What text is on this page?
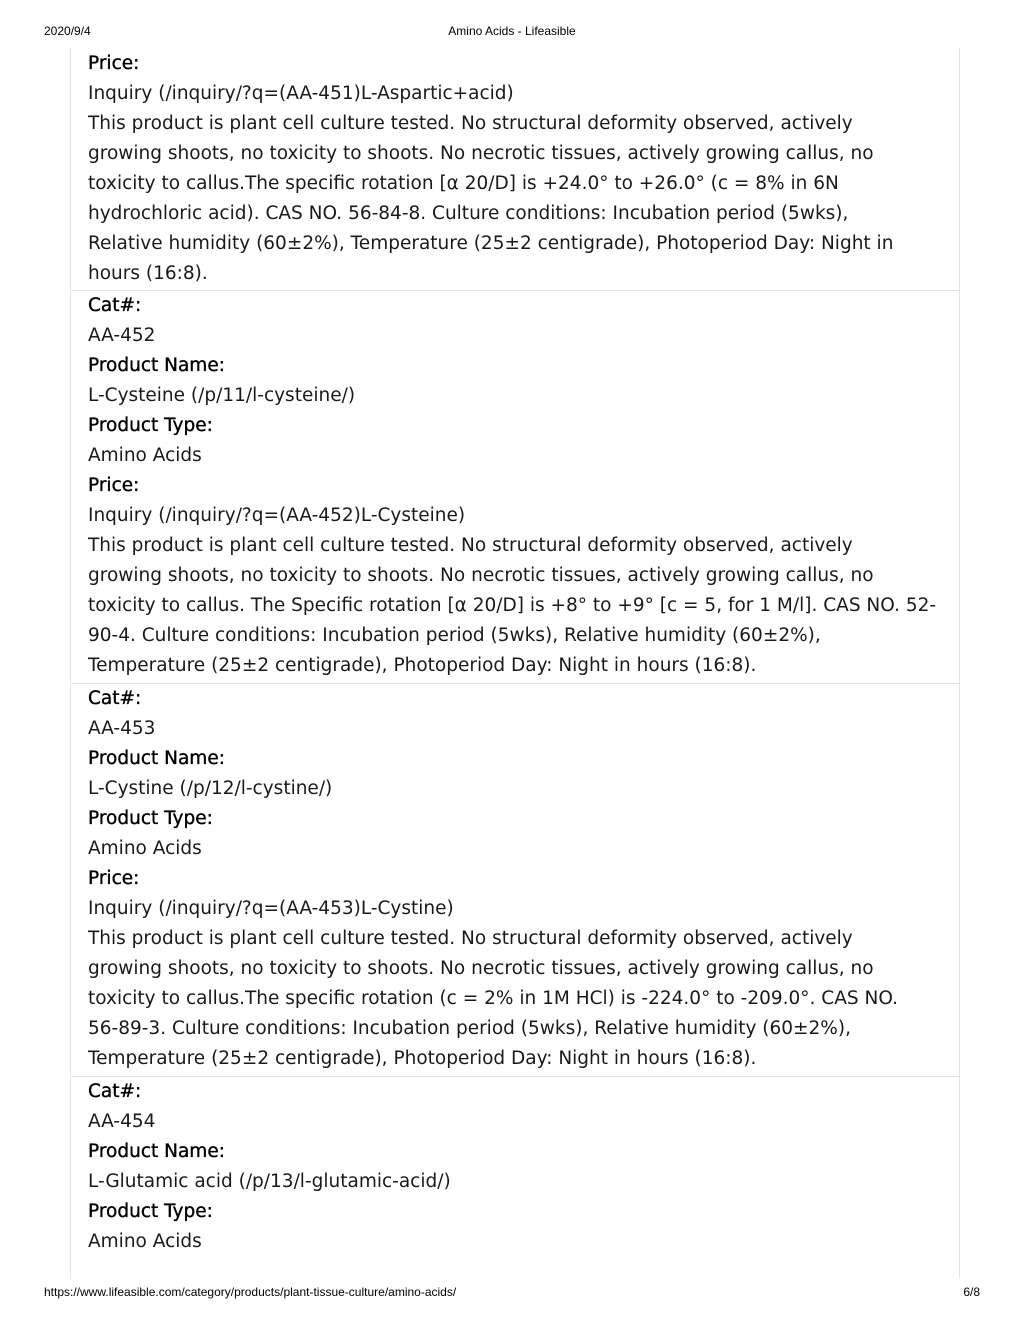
2020/9/4	Amino Acids - Lifeasible
Price:
Inquiry (/inquiry/?q=(AA-451)L-Aspartic+acid)
This product is plant cell culture tested. No structural deformity observed, actively
growing shoots, no toxicity to shoots. No necrotic tissues, actively growing callus, no
toxicity to callus.The specific rotation [α 20/D] is +24.0° to +26.0° (c = 8% in 6N
hydrochloric acid). CAS NO. 56-84-8. Culture conditions: Incubation period (5wks),
Relative humidity (60±2%), Temperature (25±2 centigrade), Photoperiod Day: Night in
hours (16:8).
Cat#:
AA-452
Product Name:
L-Cysteine (/p/11/l-cysteine/)
Product Type:
Amino Acids
Price:
Inquiry (/inquiry/?q=(AA-452)L-Cysteine)
This product is plant cell culture tested. No structural deformity observed, actively
growing shoots, no toxicity to shoots. No necrotic tissues, actively growing callus, no
toxicity to callus. The Specific rotation [α 20/D] is +8° to +9° [c = 5, for 1 M/l]. CAS NO. 52-
90-4. Culture conditions: Incubation period (5wks), Relative humidity (60±2%),
Temperature (25±2 centigrade), Photoperiod Day: Night in hours (16:8).
Cat#:
AA-453
Product Name:
L-Cystine (/p/12/l-cystine/)
Product Type:
Amino Acids
Price:
Inquiry (/inquiry/?q=(AA-453)L-Cystine)
This product is plant cell culture tested. No structural deformity observed, actively
growing shoots, no toxicity to shoots. No necrotic tissues, actively growing callus, no
toxicity to callus.The specific rotation (c = 2% in 1M HCl) is -224.0° to -209.0°. CAS NO.
56-89-3. Culture conditions: Incubation period (5wks), Relative humidity (60±2%),
Temperature (25±2 centigrade), Photoperiod Day: Night in hours (16:8).
Cat#:
AA-454
Product Name:
L-Glutamic acid (/p/13/l-glutamic-acid/)
Product Type:
Amino Acids
https://www.lifeasible.com/category/products/plant-tissue-culture/amino-acids/	6/8
